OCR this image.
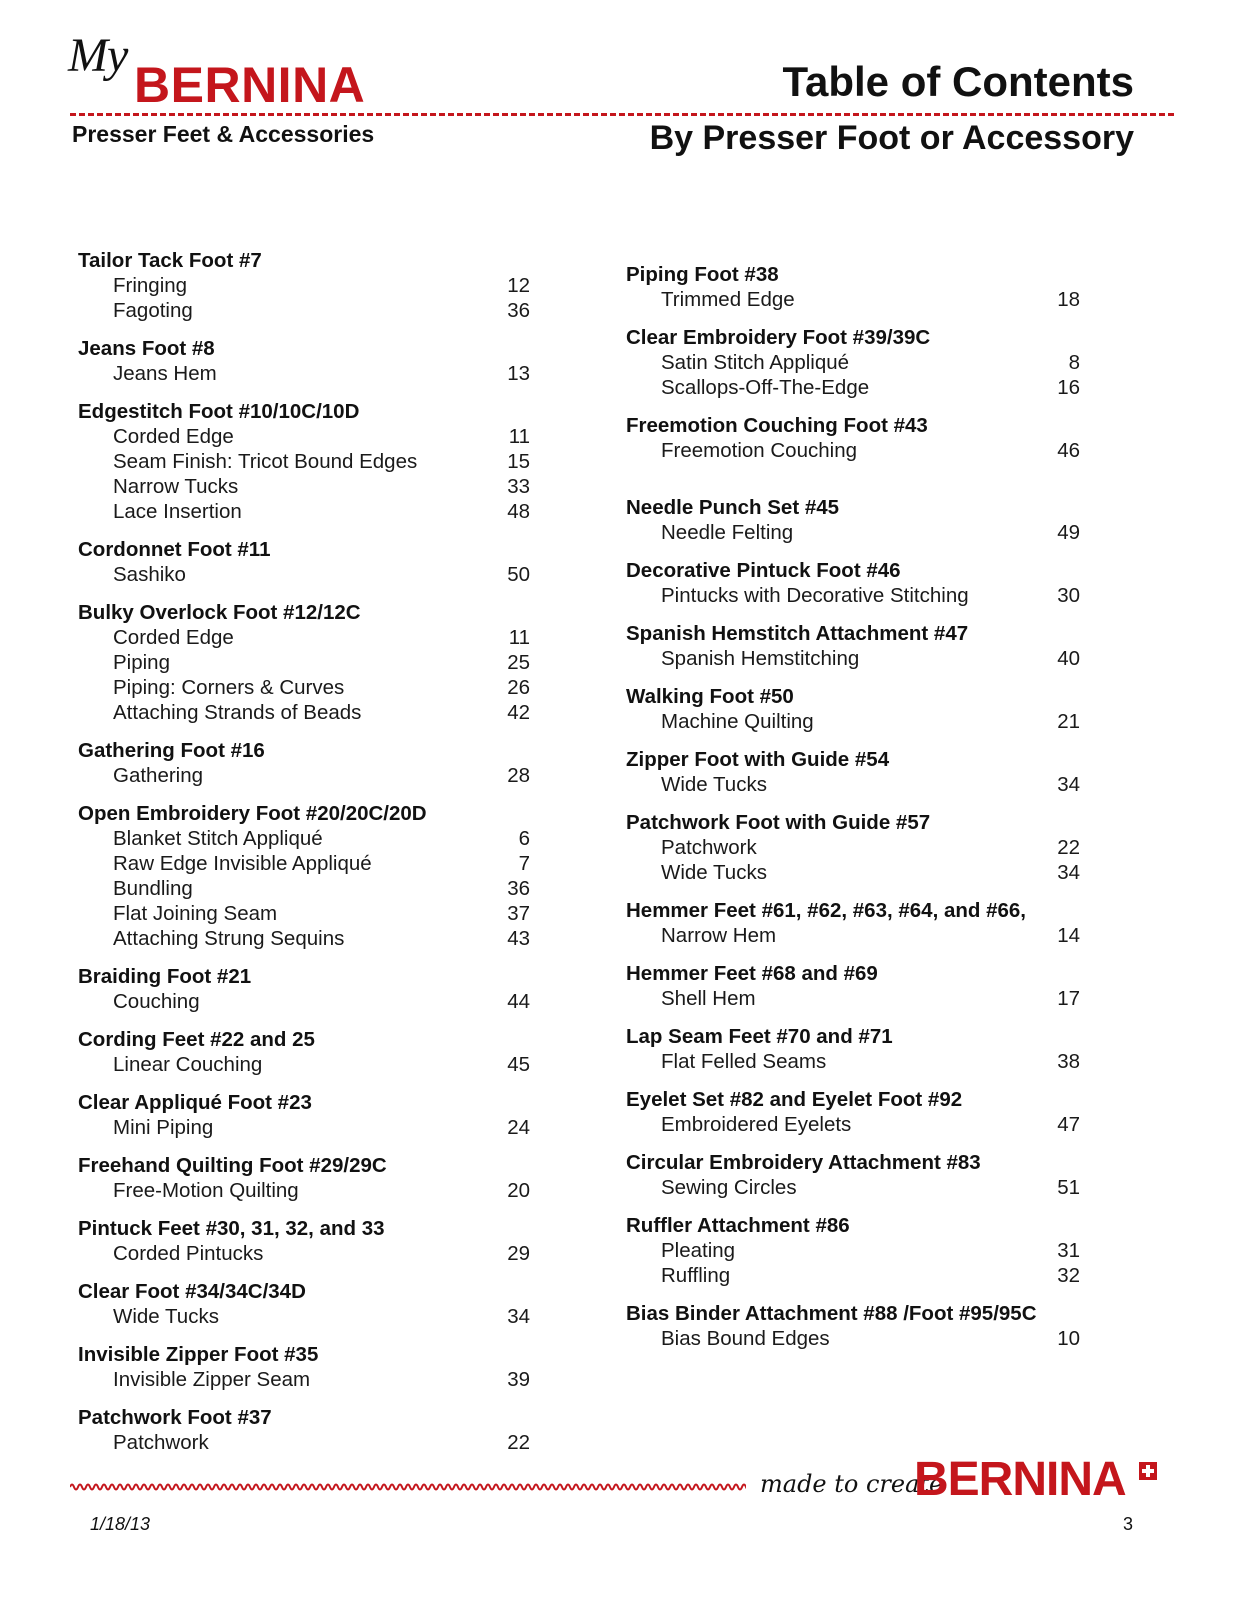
My
BERNINA	Table of Contents
Presser Feet & Accessories	By Presser Foot or Accessory
Tailor Tack Foot #7
Fringing	12
Fagoting	36
Jeans Foot #8
Jeans Hem	13
Edgestitch Foot #10/10C/10D
Corded Edge	11
Seam Finish: Tricot Bound Edges	15
Narrow Tucks	33
Lace Insertion	48
Cordonnet Foot #11
Sashiko	50
Bulky Overlock Foot #12/12C
Corded Edge	11
Piping	25
Piping: Corners & Curves	26
Attaching Strands of Beads	42
Gathering Foot #16
Gathering	28
Open Embroidery Foot #20/20C/20D
Blanket Stitch Appliqué	6
Raw Edge Invisible Appliqué	7
Bundling	36
Flat Joining Seam	37
Attaching Strung Sequins	43
Braiding Foot #21
Couching	44
Cording Feet #22 and 25
Linear Couching	45
Clear Appliqué Foot #23
Mini Piping	24
Freehand Quilting Foot #29/29C
Free-Motion Quilting	20
Pintuck Feet #30, 31, 32, and 33
Corded Pintucks	29
Clear Foot #34/34C/34D
Wide Tucks	34
Invisible Zipper Foot #35
Invisible Zipper Seam	39
Patchwork Foot #37
Patchwork	22
Piping Foot #38
Trimmed Edge	18
Clear Embroidery Foot #39/39C
Satin Stitch Appliqué	8
Scallops-Off-The-Edge	16
Freemotion Couching Foot #43
Freemotion Couching	46
Needle Punch Set #45
Needle Felting	49
Decorative Pintuck Foot #46
Pintucks with Decorative Stitching	30
Spanish Hemstitch Attachment #47
Spanish Hemstitching	40
Walking Foot #50
Machine Quilting	21
Zipper Foot with Guide #54
Wide Tucks	34
Patchwork Foot with Guide #57
Patchwork	22
Wide Tucks	34
Hemmer Feet #61, #62, #63, #64, and #66,
Narrow Hem	14
Hemmer Feet #68 and #69
Shell Hem	17
Lap Seam Feet #70 and #71
Flat Felled Seams	38
Eyelet Set #82 and Eyelet Foot #92
Embroidered Eyelets	47
Circular Embroidery Attachment #83
Sewing Circles	51
Ruffler Attachment #86
Pleating	31
Ruffling	32
Bias Binder Attachment #88 /Foot #95/95C
Bias Bound Edges	10
made to create
BERNINA
1/18/13	3
